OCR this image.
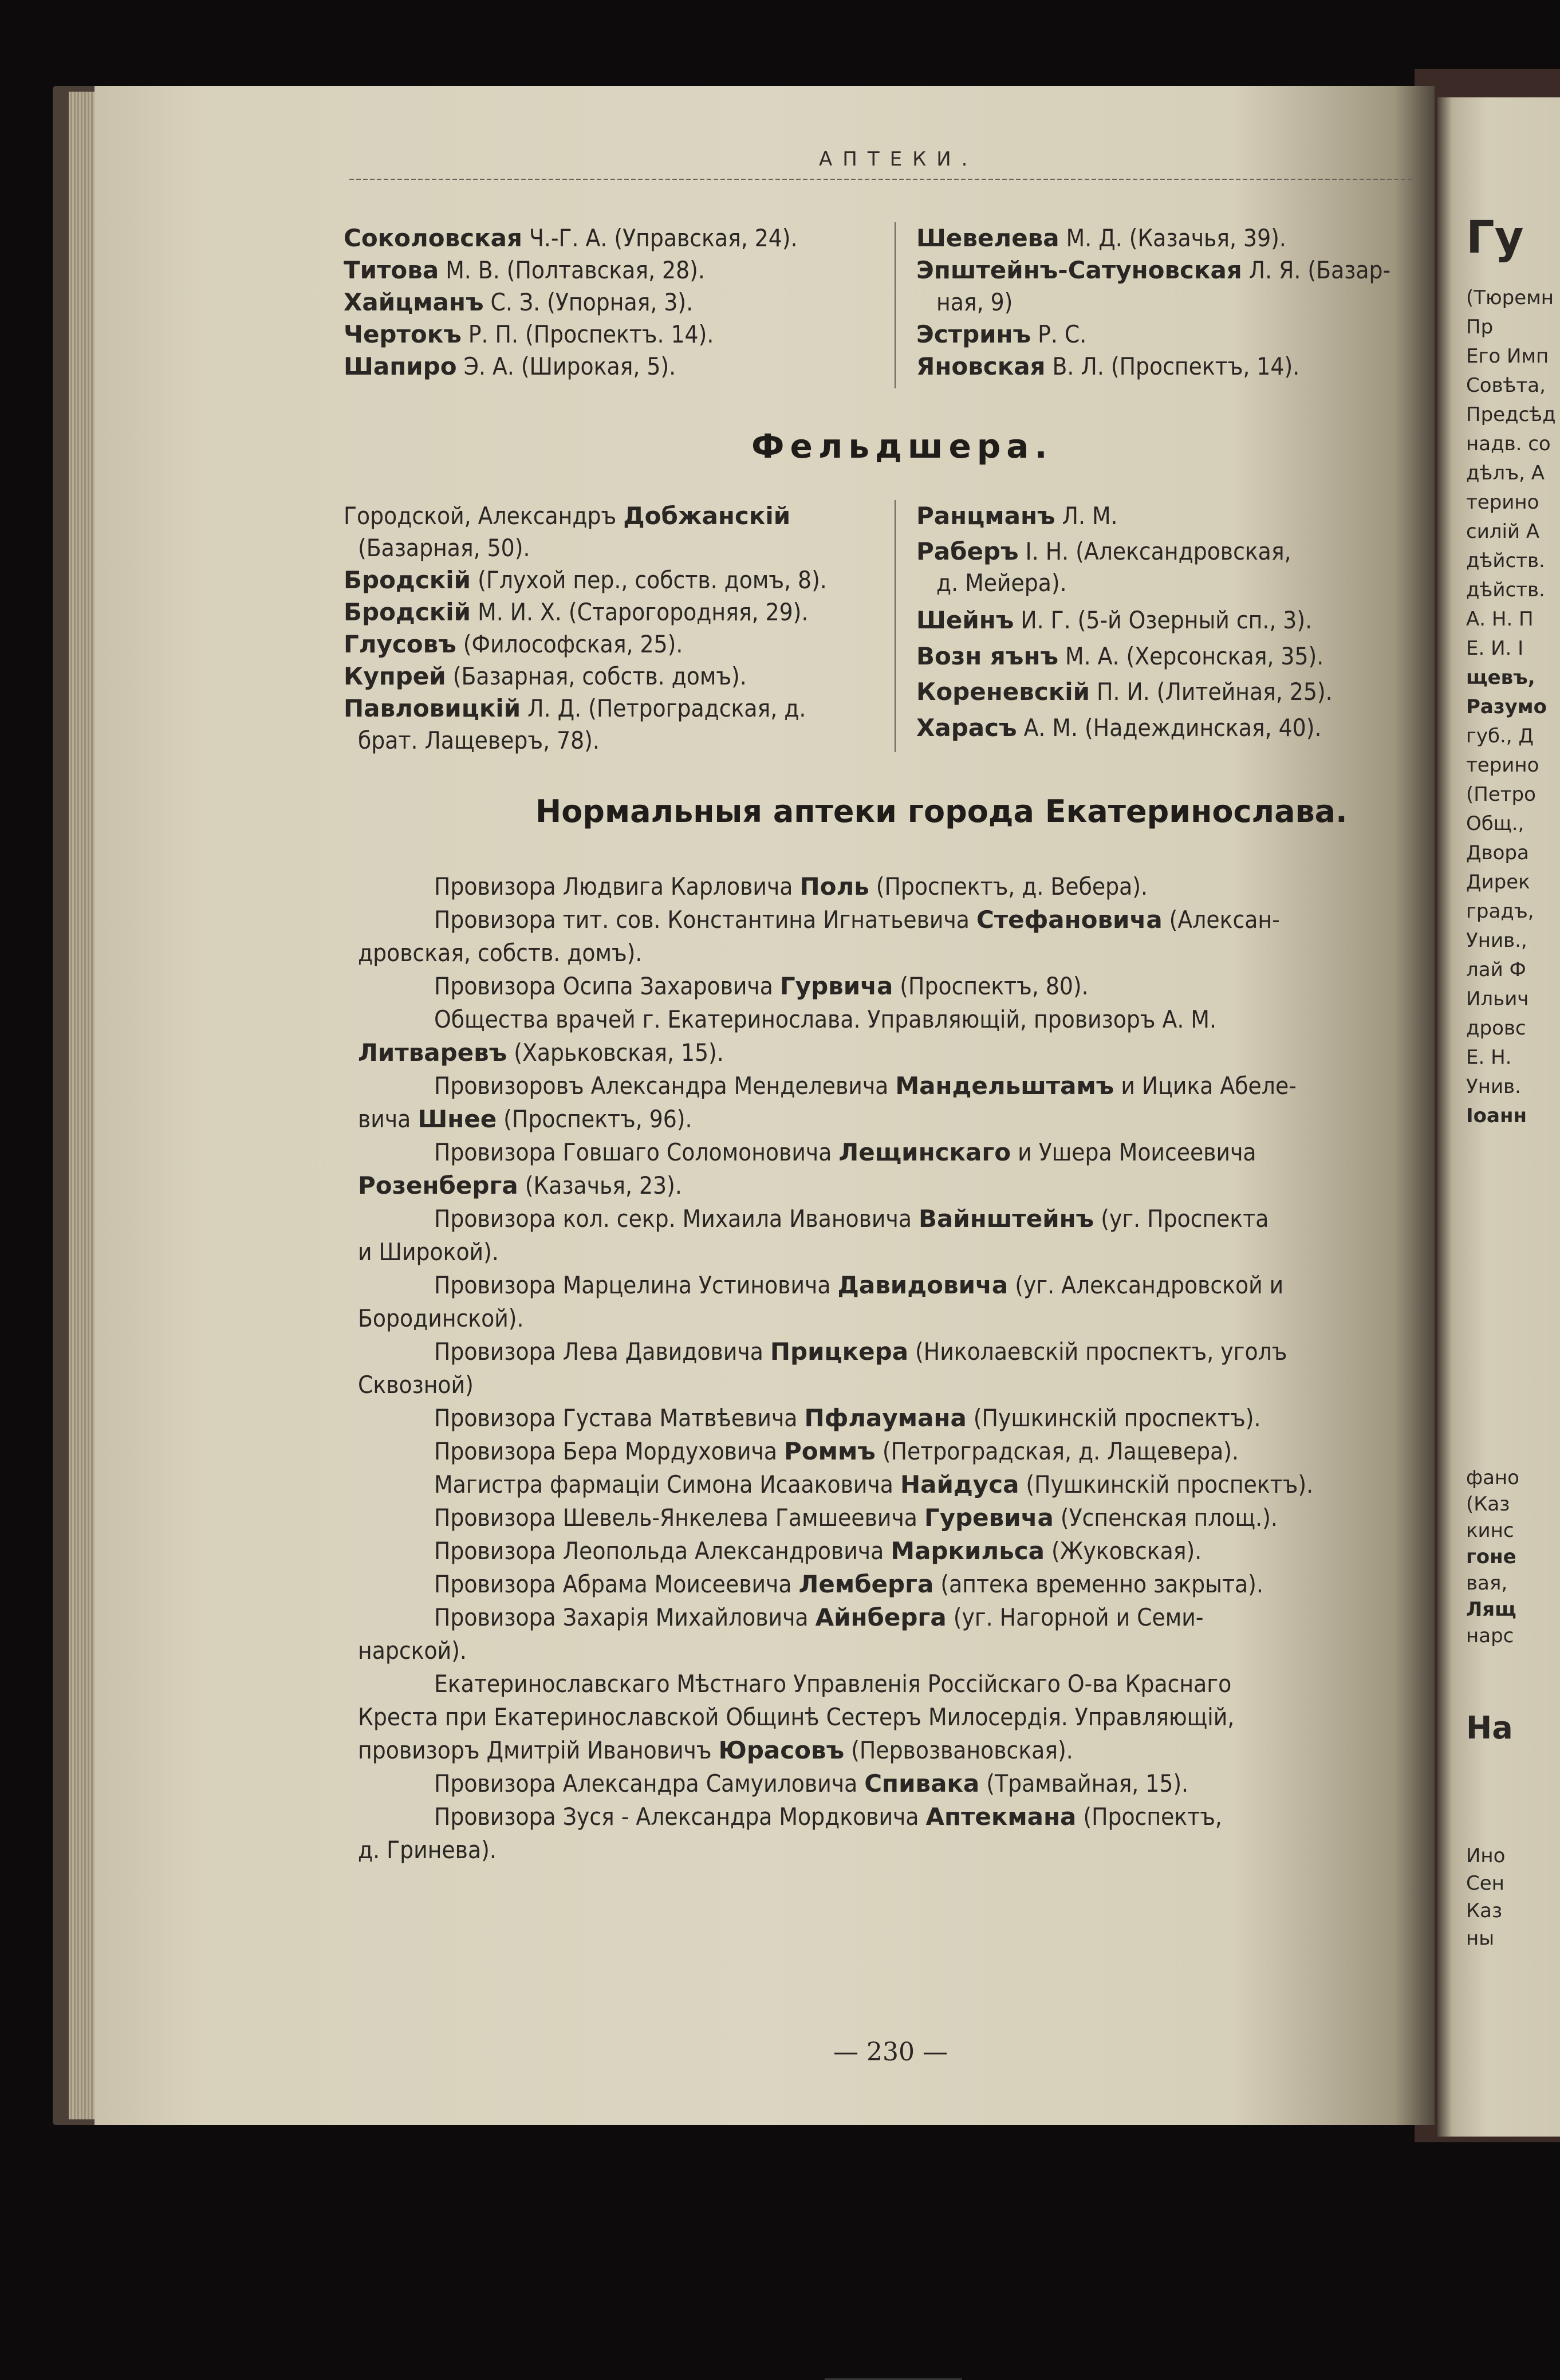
АПТЕКИ.
Соколовская Ч.-Г. А. (Управская, 24).
Титова М. В. (Полтавская, 28).
Хайцманъ С. З. (Упорная, 3).
Чертокъ Р. П. (Проспектъ. 14).
Шапиро Э. А. (Широкая, 5).
Шевелева М. Д. (Казачья, 39).
Эпштейнъ-Сатуновская Л. Я. (Базар-
ная, 9)
Эстринъ Р. С.
Яновская В. Л. (Проспектъ, 14).
Городской, Александръ Добжанскій
(Базарная, 50).
Бродскій (Глухой пер., собств. домъ, 8).
Бродскій М. И. Х. (Старогородняя, 29).
Глусовъ (Философская, 25).
Купрей (Базарная, собств. домъ).
Павловицкій Л. Д. (Петроградская, д.
брат. Лащеверъ, 78).
Ранцманъ Л. М.
Раберъ І. Н. (Александровская,
д. Мейера).
Шейнъ И. Г. (5-й Озерный сп., 3).
Возн яънъ М. А. (Херсонская, 35).
Кореневскій П. И. (Литейная, 25).
Харасъ А. М. (Надеждинская, 40).
Провизора Людвига Карловича Поль (Проспектъ, д. Вебера).
Провизора тит. сов. Константина Игнатьевича Стефановича (Алексан-
дровская, собств. домъ).
Провизора Осипа Захаровича Гурвича (Проспектъ, 80).
Общества врачей г. Екатеринослава. Управляющій, провизоръ А. М.
Литваревъ (Харьковская, 15).
Провизоровъ Александра Менделевича Мандельштамъ и Ицика Абеле-
вича Шнее (Проспектъ, 96).
Провизора Говшаго Соломоновича Лещинскаго и Ушера Моисеевича
Розенберга (Казачья, 23).
Провизора кол. секр. Михаила Ивановича Вайнштейнъ (уг. Проспекта
и Широкой).
Провизора Марцелина Устиновича Давидовича (уг. Александровской и
Бородинской).
Провизора Лева Давидовича Прицкера (Николаевскій проспектъ, уголъ
Сквозной)
Провизора Густава Матвѣевича Пфлаумана (Пушкинскій проспектъ).
Провизора Бера Мордуховича Роммъ (Петроградская, д. Лащевера).
Магистра фармаціи Симона Исааковича Найдуса (Пушкинскій проспектъ).
Провизора Шевель-Янкелева Гамшеевича Гуревича (Успенская площ.).
Провизора Леопольда Александровича Маркильса (Жуковская).
Провизора Абрама Моисеевича Лемберга (аптека временно закрыта).
Провизора Захарія Михайловича Айнберга (уг. Нагорной и Семи-
нарской).
Екатеринославскаго Мѣстнаго Управленія Россійскаго О-ва Краснаго
Креста при Екатеринославской Общинѣ Сестеръ Милосердія. Управляющій,
провизоръ Дмитрій Ивановичъ Юрасовъ (Первозвановская).
Провизора Александра Самуиловича Спивака (Трамвайная, 15).
Провизора Зуся - Александра Мордковича Аптекмана (Проспектъ,
д. Гринева).
Фельдшера.
Нормальныя аптеки города Екатеринослава.
— 230 —
Гу
(Тюремн
Пр
Его Имп
Совѣта,
Предсѣд
надв. со
дѣлъ, А
терино
силій А
дѣйств.
дѣйств.
А. Н. П
Е. И. І
щевъ,
Разумо
губ., Д
терино
(Петро
Общ.,
Двора
Дирек
градъ,
Унив.,
лай Ф
Ильич
дровс
Е. Н.
Унив.
Іоанн
фано
(Каз
кинс
гоне
вая,
Лящ
нарс
На
Ино
Сен
Каз
ны
